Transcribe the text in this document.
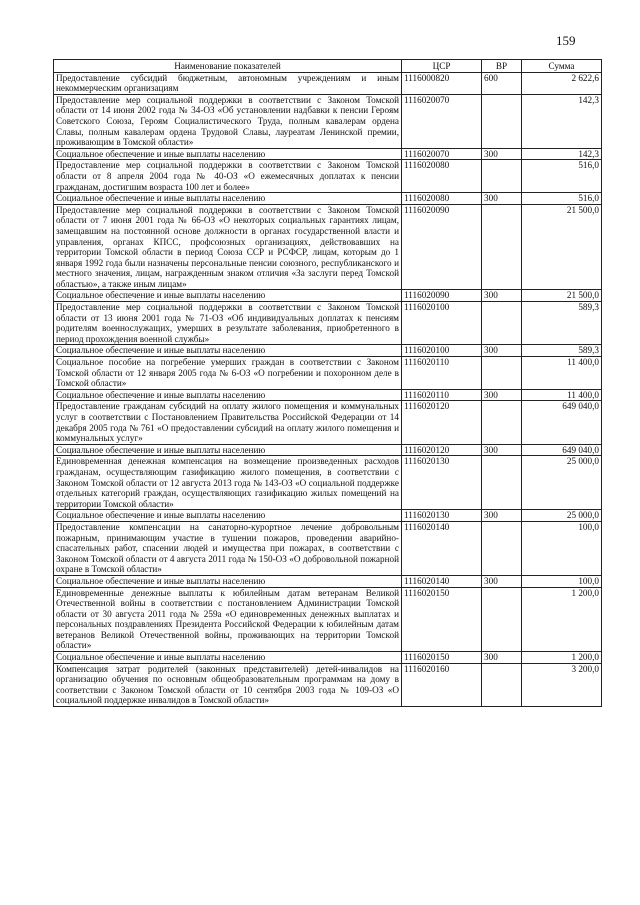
159
Наименование показателей	ЦСР	ВР	Сумма
Предоставление субсидий бюджетным, автономным учреждениям и иным некоммерческим организациям	1116000820	600	2 622,6
Предоставление мер социальной поддержки в соответствии с Законом Томской области от 14 июня 2002 года № 34-ОЗ «Об установлении надбавки к пенсии Героям Советского Союза, Героям Социалистического Труда, полным кавалерам ордена Славы, полным кавалерам ордена Трудовой Славы, лауреатам Ленинской премии, проживающим в Томской области»	1116020070		142,3
Социальное обеспечение и иные выплаты населению	1116020070	300	142,3
Предоставление мер социальной поддержки в соответствии с Законом Томской области от 8 апреля 2004 года № 40-ОЗ «О ежемесячных доплатах к пенсии гражданам, достигшим возраста 100 лет и более»	1116020080		516,0
Социальное обеспечение и иные выплаты населению	1116020080	300	516,0
Предоставление мер социальной поддержки в соответствии с Законом Томской области от 7 июня 2001 года № 66-ОЗ «О некоторых социальных гарантиях лицам, замещавшим на постоянной основе должности в органах государственной власти и управления, органах КПСС, профсоюзных организациях, действовавших на территории Томской области в период Союза ССР и РСФСР, лицам, которым до 1 января 1992 года были назначены персональные пенсии союзного, республиканского и местного значения, лицам, награжденным знаком отличия «За заслуги перед Томской областью», а также иным лицам»	1116020090		21 500,0
Социальное обеспечение и иные выплаты населению	1116020090	300	21 500,0
Предоставление мер социальной поддержки в соответствии с Законом Томской области от 13 июня 2001 года № 71-ОЗ «Об индивидуальных доплатах к пенсиям родителям военнослужащих, умерших в результате заболевания, приобретенного в период прохождения военной службы»	1116020100		589,3
Социальное обеспечение и иные выплаты населению	1116020100	300	589,3
Социальное пособие на погребение умерших граждан в соответствии с Законом Томской области от 12 января 2005 года № 6-ОЗ «О погребении и похоронном деле в Томской области»	1116020110		11 400,0
Социальное обеспечение и иные выплаты населению	1116020110	300	11 400,0
Предоставление гражданам субсидий на оплату жилого помещения и коммунальных услуг в соответствии с Постановлением Правительства Российской Федерации от 14 декабря 2005 года № 761 «О предоставлении субсидий на оплату жилого помещения и коммунальных услуг»	1116020120		649 040,0
Социальное обеспечение и иные выплаты населению	1116020120	300	649 040,0
Единовременная денежная компенсация на возмещение произведенных расходов гражданам, осуществляющим газификацию жилого помещения, в соответствии с Законом Томской области от 12 августа 2013 года № 143-ОЗ «О социальной поддержке отдельных категорий граждан, осуществляющих газификацию жилых помещений на территории Томской области»	1116020130		25 000,0
Социальное обеспечение и иные выплаты населению	1116020130	300	25 000,0
Предоставление компенсации на санаторно-курортное лечение добровольным пожарным, принимающим участие в тушении пожаров, проведении аварийно-спасательных работ, спасении людей и имущества при пожарах, в соответствии с Законом Томской области от 4 августа 2011 года № 150-ОЗ «О добровольной пожарной охране в Томской области»	1116020140		100,0
Социальное обеспечение и иные выплаты населению	1116020140	300	100,0
Единовременные денежные выплаты к юбилейным датам ветеранам Великой Отечественной войны в соответствии с постановлением Администрации Томской области от 30 августа 2011 года № 259а «О единовременных денежных выплатах и персональных поздравлениях Президента Российской Федерации к юбилейным датам ветеранов Великой Отечественной войны, проживающих на территории Томской области»	1116020150		1 200,0
Социальное обеспечение и иные выплаты населению	1116020150	300	1 200,0
Компенсация затрат родителей (законных представителей) детей-инвалидов на организацию обучения по основным общеобразовательным программам на дому в соответствии с Законом Томской области от 10 сентября 2003 года № 109-ОЗ «О социальной поддержке инвалидов в Томской области»	1116020160		3 200,0
